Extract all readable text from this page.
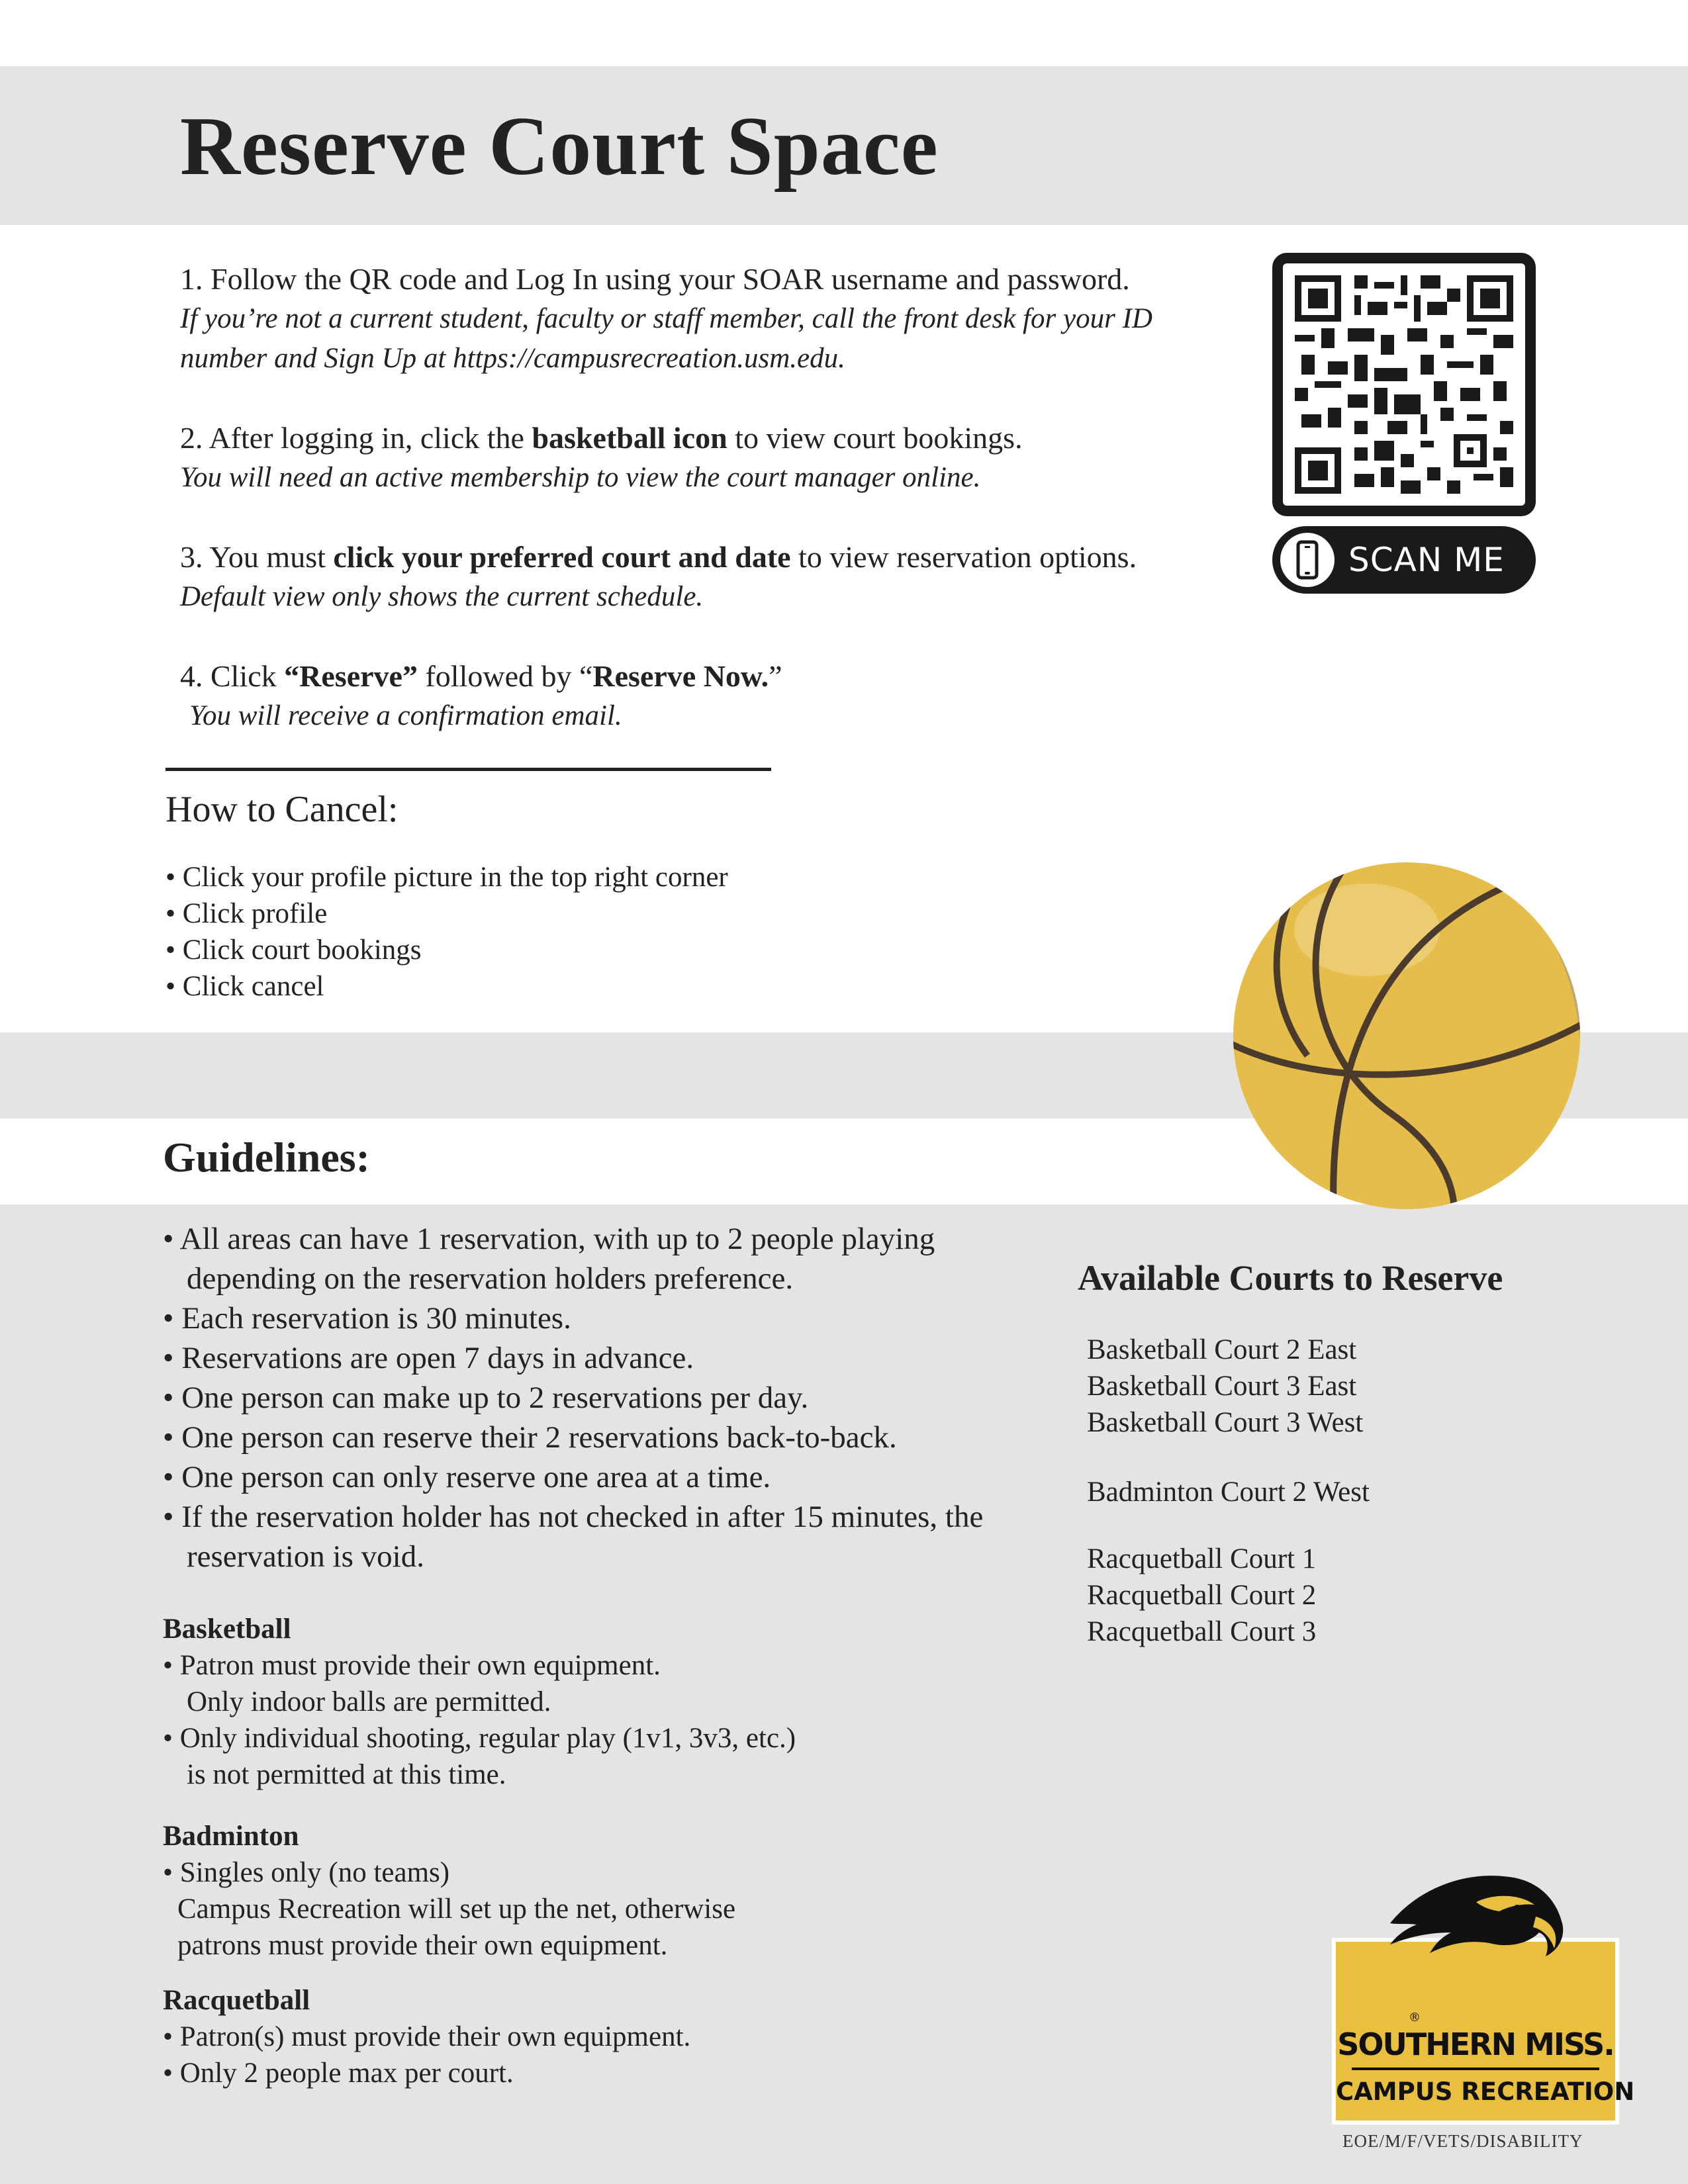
Reserve Court Space
1. Follow the QR code and Log In using your SOAR username and password.
If you’re not a current student, faculty or staff member, call the front desk for your ID
number and Sign Up at https://campusrecreation.usm.edu.
2. After logging in, click the basketball icon to view court bookings.
You will need an active membership to view the court manager online.
3. You must click your preferred court and date to view reservation options.
Default view only shows the current schedule.
4. Click “Reserve” followed by “Reserve Now.”
You will receive a confirmation email.
SCAN ME
How to Cancel:
• Click your profile picture in the top right corner
• Click profile
• Click court bookings
• Click cancel
Guidelines:
• All areas can have 1 reservation, with up to 2 people playing depending on the reservation holders preference.
• Each reservation is 30 minutes.
• Reservations are open 7 days in advance.
• One person can make up to 2 reservations per day.
• One person can reserve their 2 reservations back-to-back.
• One person can only reserve one area at a time.
• If the reservation holder has not checked in after 15 minutes, the reservation is void.
Basketball
• Patron must provide their own equipment.
Only indoor balls are permitted.
• Only individual shooting, regular play (1v1, 3v3, etc.)
is not permitted at this time.
Badminton
• Singles only (no teams)
Campus Recreation will set up the net, otherwise
patrons must provide their own equipment.
Racquetball
• Patron(s) must provide their own equipment.
• Only 2 people max per court.
Available Courts to Reserve
Basketball Court 2 East
Basketball Court 3 East
Basketball Court 3 West
Badminton Court 2 West
Racquetball Court 1
Racquetball Court 2
Racquetball Court 3
®
SOUTHERN MISS.
CAMPUS RECREATION
EOE/M/F/VETS/DISABILITY
